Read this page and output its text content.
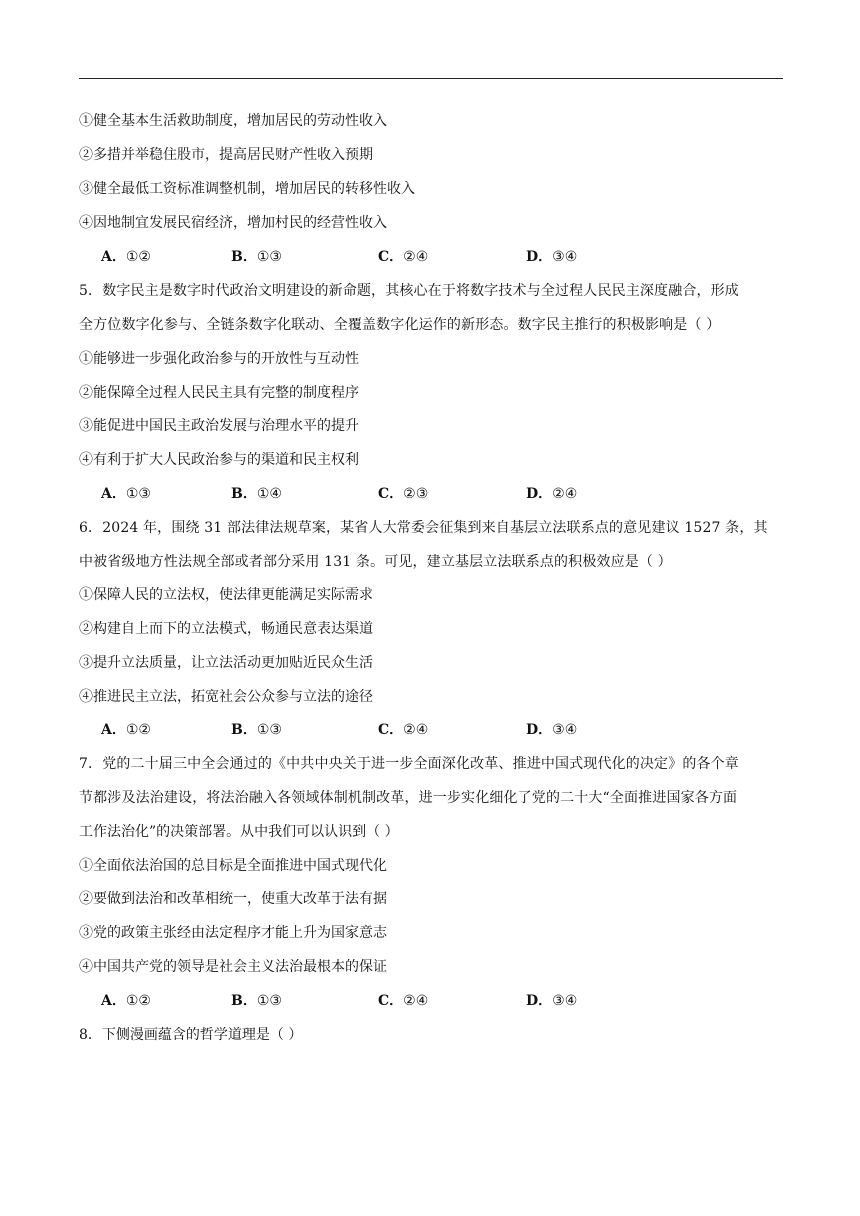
①健全基本生活救助制度，增加居民的劳动性收入
②多措并举稳住股市，提高居民财产性收入预期
③健全最低工资标准调整机制，增加居民的转移性收入
④因地制宜发展民宿经济，增加村民的经营性收入
A．①②	B．①③	C．②④	D．③④
5．数字民主是数字时代政治文明建设的新命题，其核心在于将数字技术与全过程人民民主深度融合，形成
全方位数字化参与、全链条数字化联动、全覆盖数字化运作的新形态。数字民主推行的积极影响是（ ）
①能够进一步强化政治参与的开放性与互动性
②能保障全过程人民民主具有完整的制度程序
③能促进中国民主政治发展与治理水平的提升
④有利于扩大人民政治参与的渠道和民主权利
A．①③	B．①④	C．②③	D．②④
6．2024 年，围绕 31 部法律法规草案，某省人大常委会征集到来自基层立法联系点的意见建议 1527 条，其
中被省级地方性法规全部或者部分采用 131 条。可见，建立基层立法联系点的积极效应是（ ）
①保障人民的立法权，使法律更能满足实际需求
②构建自上而下的立法模式，畅通民意表达渠道
③提升立法质量，让立法活动更加贴近民众生活
④推进民主立法，拓宽社会公众参与立法的途径
A．①②	B．①③	C．②④	D．③④
7．党的二十届三中全会通过的《中共中央关于进一步全面深化改革、推进中国式现代化的决定》的各个章
节都涉及法治建设，将法治融入各领域体制机制改革，进一步实化细化了党的二十大“全面推进国家各方面
工作法治化”的决策部署。从中我们可以认识到（ ）
①全面依法治国的总目标是全面推进中国式现代化
②要做到法治和改革相统一，使重大改革于法有据
③党的政策主张经由法定程序才能上升为国家意志
④中国共产党的领导是社会主义法治最根本的保证
A．①②	B．①③	C．②④	D．③④
8．下侧漫画蕴含的哲学道理是（ ）
